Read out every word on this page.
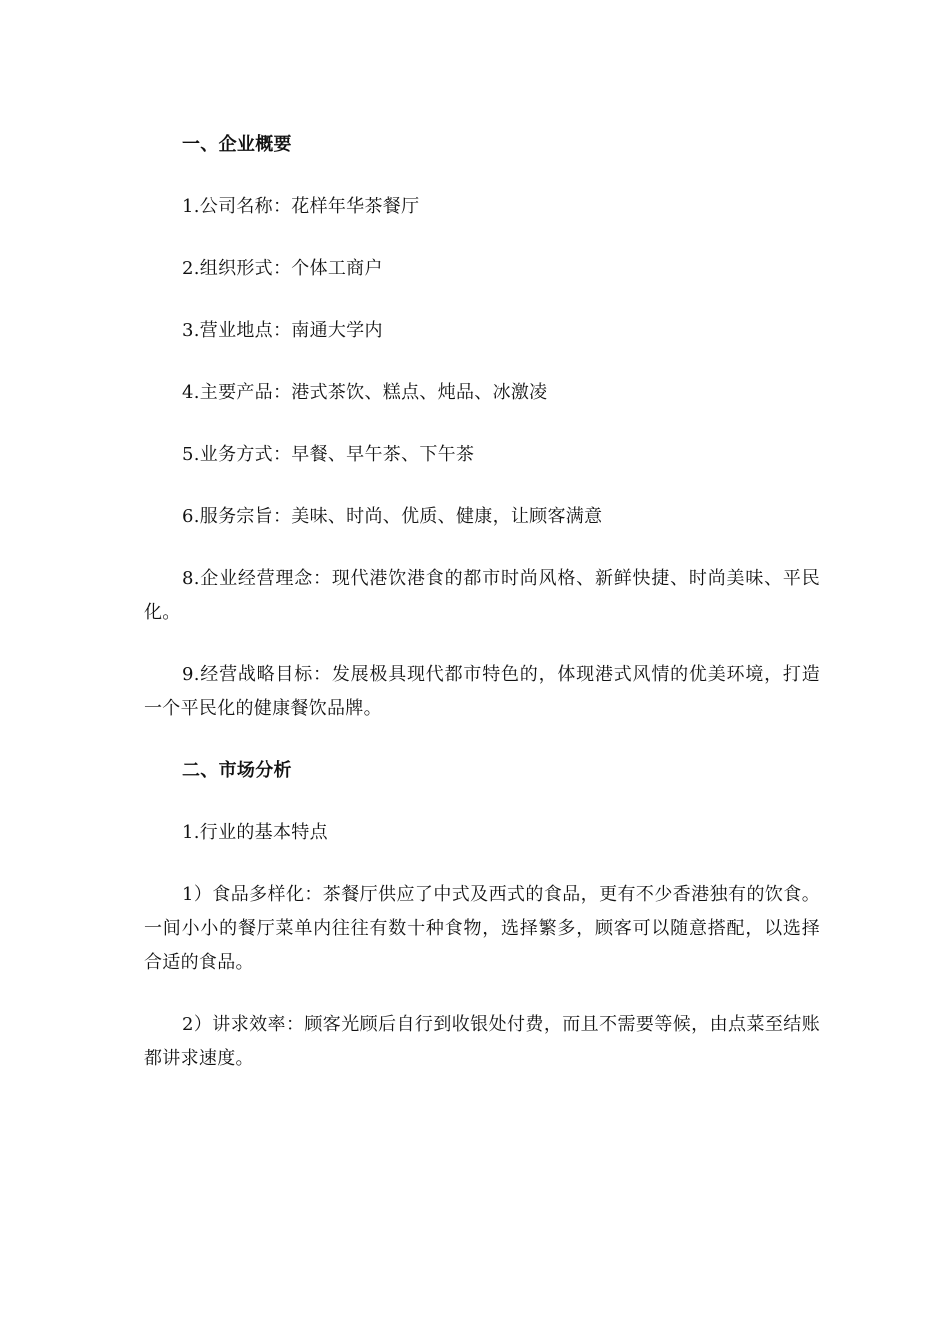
一、企业概要

1.公司名称：花样年华茶餐厅

2.组织形式：个体工商户

3.营业地点：南通大学内

4.主要产品：港式茶饮、糕点、炖品、冰激凌

5.业务方式：早餐、早午茶、下午茶

6.服务宗旨：美味、时尚、优质、健康，让顾客满意

8.企业经营理念：现代港饮港食的都市时尚风格、新鲜快捷、时尚美味、平民化。

9.经营战略目标：发展极具现代都市特色的，体现港式风情的优美环境，打造一个平民化的健康餐饮品牌。

二、市场分析

1.行业的基本特点

1）食品多样化：茶餐厅供应了中式及西式的食品，更有不少香港独有的饮食。一间小小的餐厅菜单内往往有数十种食物，选择繁多，顾客可以随意搭配，以选择合适的食品。

2）讲求效率：顾客光顾后自行到收银处付费，而且不需要等候，由点菜至结账都讲求速度。
